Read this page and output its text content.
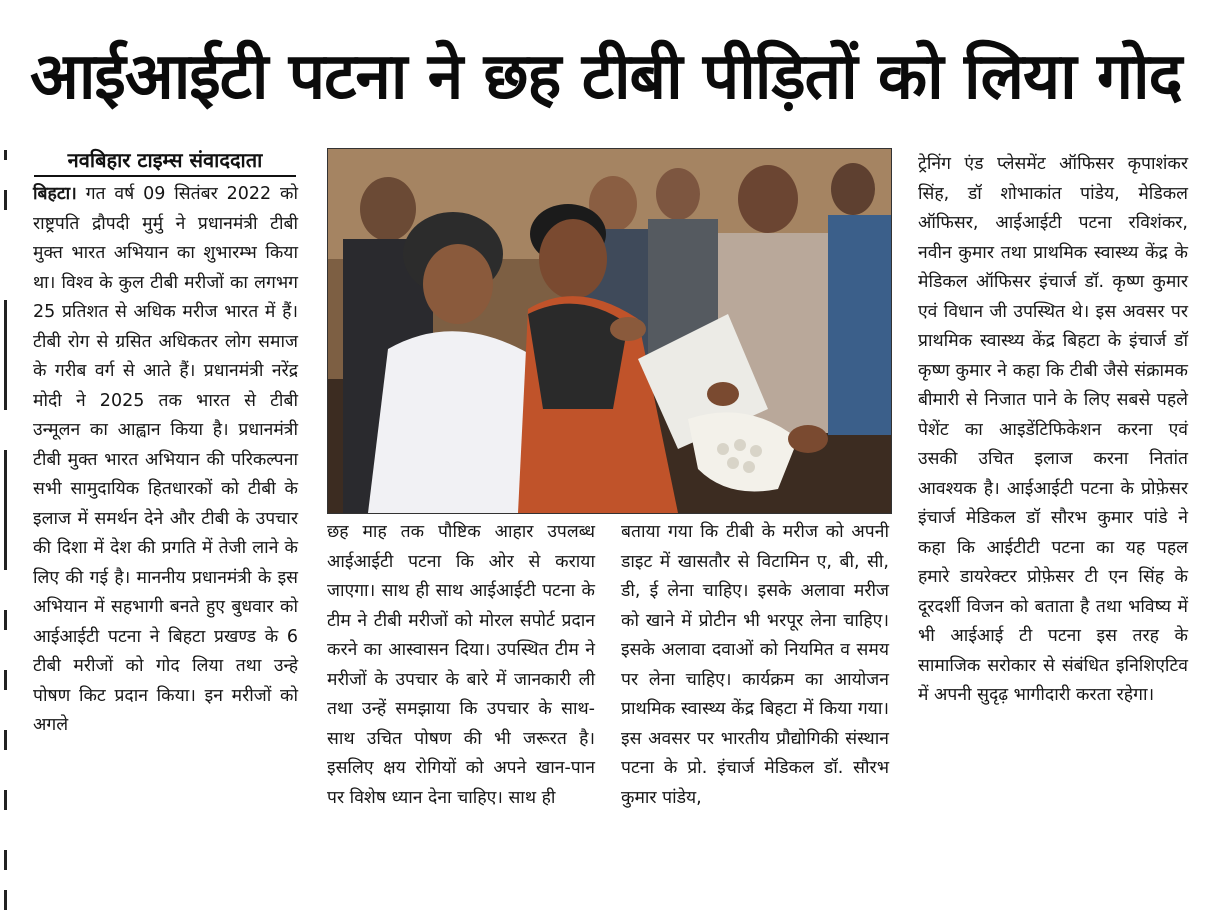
आईआईटी पटना ने छह टीबी पीड़ितों को लिया गोद
नवबिहार टाइम्स संवाददाता
बिहटा। गत वर्ष 09 सितंबर 2022 को राष्ट्रपति द्रौपदी मुर्मु ने प्रधानमंत्री टीबी मुक्त भारत अभियान का शुभारम्भ किया था। विश्व के कुल टीबी मरीजों का लगभग 25 प्रतिशत से अधिक मरीज भारत में हैं। टीबी रोग से ग्रसित अधिकतर लोग समाज के गरीब वर्ग से आते हैं। प्रधानमंत्री नरेंद्र मोदी ने 2025 तक भारत से टीबी उन्मूलन का आह्वान किया है। प्रधानमंत्री टीबी मुक्त भारत अभियान की परिकल्पना सभी सामुदायिक हितधारकों को टीबी के इलाज में समर्थन देने और टीबी के उपचार की दिशा में देश की प्रगति में तेजी लाने के लिए की गई है। माननीय प्रधानमंत्री के इस अभियान में सहभागी बनते हुए बुधवार को आईआईटी पटना ने बिहटा प्रखण्ड के 6 टीबी मरीजों को गोद लिया तथा उन्हे पोषण किट प्रदान किया। इन मरीजों को अगले
छह माह तक पौष्टिक आहार उपलब्ध आईआईटी पटना कि ओर से कराया जाएगा। साथ ही साथ आईआईटी पटना के टीम ने टीबी मरीजों को मोरल सपोर्ट प्रदान करने का आस्वासन दिया। उपस्थित टीम ने मरीजों के उपचार के बारे में जानकारी ली तथा उन्हें समझाया कि उपचार के साथ-साथ उचित पोषण की भी जरूरत है। इसलिए क्षय रोगियों को अपने खान-पान पर विशेष ध्यान देना चाहिए। साथ ही
बताया गया कि टीबी के मरीज को अपनी डाइट में खासतौर से विटामिन ए, बी, सी, डी, ई लेना चाहिए। इसके अलावा मरीज को खाने में प्रोटीन भी भरपूर लेना चाहिए। इसके अलावा दवाओं को नियमित व समय पर लेना चाहिए। कार्यक्रम का आयोजन प्राथमिक स्वास्थ्य केंद्र बिहटा में किया गया। इस अवसर पर भारतीय प्रौद्योगिकी संस्थान पटना के प्रो. इंचार्ज मेडिकल डॉ. सौरभ कुमार पांडेय,
ट्रेनिंग एंड प्लेसमेंट ऑफिसर कृपाशंकर सिंह, डॉ शोभाकांत पांडेय, मेडिकल ऑफिसर, आईआईटी पटना रविशंकर, नवीन कुमार तथा प्राथमिक स्वास्थ्य केंद्र के मेडिकल ऑफिसर इंचार्ज डॉ. कृष्ण कुमार एवं विधान जी उपस्थित थे। इस अवसर पर प्राथमिक स्वास्थ्य केंद्र बिहटा के इंचार्ज डॉ कृष्ण कुमार ने कहा कि टीबी जैसे संक्रामक बीमारी से निजात पाने के लिए सबसे पहले पेशेंट का आइडेंटिफिकेशन करना एवं उसकी उचित इलाज करना नितांत आवश्यक है। आईआईटी पटना के प्रोफ़ेसर इंचार्ज मेडिकल डॉ सौरभ कुमार पांडे ने कहा कि आईटीटी पटना का यह पहल हमारे डायरेक्टर प्रोफ़ेसर टी एन सिंह के दूरदर्शी विजन को बताता है तथा भविष्य में भी आईआई टी पटना इस तरह के सामाजिक सरोकार से संबंधित इनिशिएटिव में अपनी सुदृढ़ भागीदारी करता रहेगा।
